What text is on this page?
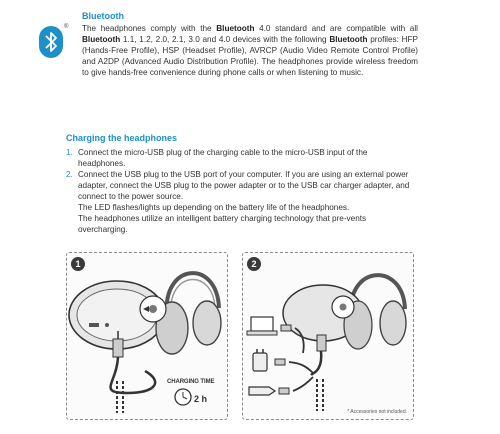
®
Bluetooth
The headphones comply with the Bluetooth 4.0 standard and are compatible with all Bluetooth 1.1, 1.2, 2.0, 2.1, 3.0 and 4.0 devices with the following Bluetooth profiles: HFP (Hands-Free Profile), HSP (Headset Profile), AVRCP (Audio Video Remote Control Profile) and A2DP (Advanced Audio Distribution Profile). The headphones provide wireless freedom to give hands-free convenience during phone calls or when listening to music.
Charging the headphones
1. Connect the micro-USB plug of the charging cable to the micro-USB input of the headphones.
2. Connect the USB plug to the USB port of your computer. If you are using an external power adapter, connect the USB plug to the power adapter or to the USB car charger adapter, and connect to the power source.
The LED flashes/lights up depending on the battery life of the headphones.
The headphones utilize an intelligent battery charging technology that pre-vents overcharging.
1
CHARGING TIME
2 h
2
* Accessories not included.
